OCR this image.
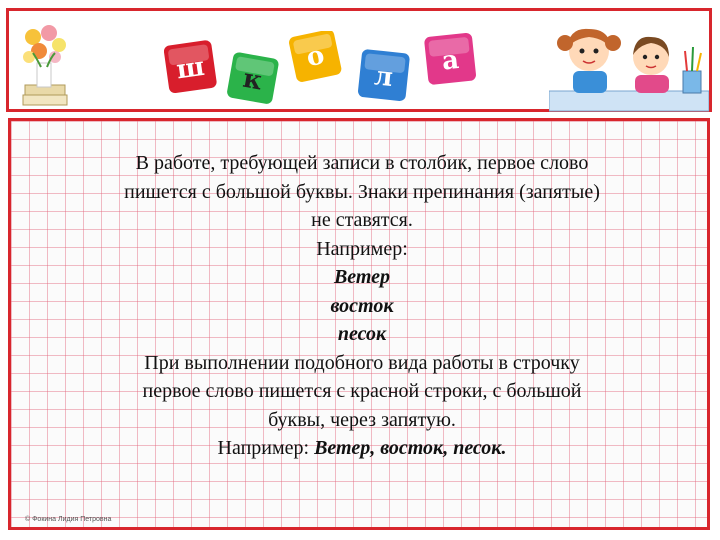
ш к
о
л
а
В работе, требующей записи в столбик, первое слово
пишется с большой буквы. Знаки препинания (запятые)
не ставятся.
Например:
Ветер
восток
песок
При выполнении подобного вида работы в строчку
первое слово пишется с красной строки, с большой
буквы, через запятую.
Например: Ветер, восток, песок.
© Фокина Лидия Петровна
